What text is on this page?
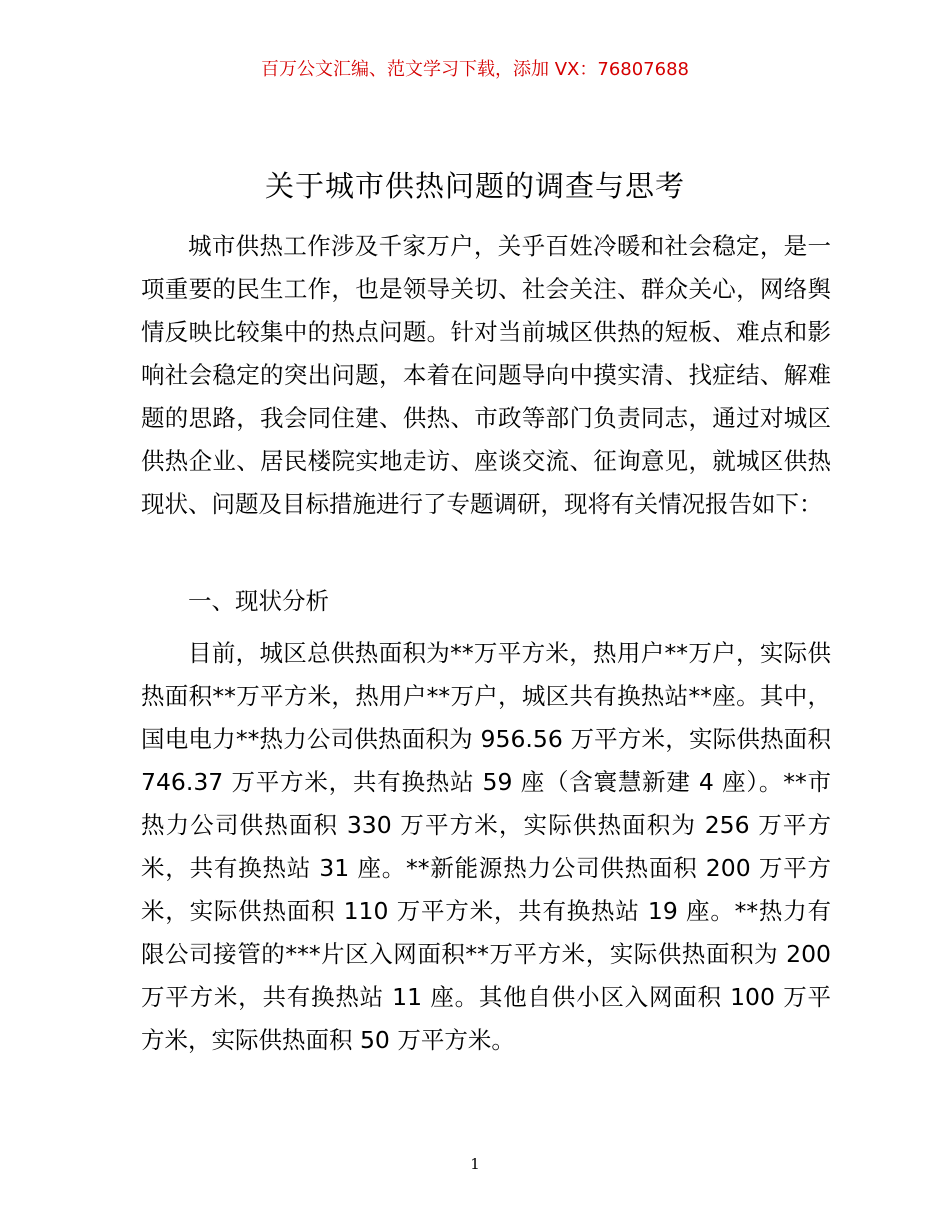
百万公文汇编、范文学习下载，添加 VX：76807688
关于城市供热问题的调查与思考

城市供热工作涉及千家万户，关乎百姓冷暖和社会稳定，是一项重要的民生工作，也是领导关切、社会关注、群众关心，网络舆情反映比较集中的热点问题。针对当前城区供热的短板、难点和影响社会稳定的突出问题，本着在问题导向中摸实清、找症结、解难题的思路，我会同住建、供热、市政等部门负责同志，通过对城区供热企业、居民楼院实地走访、座谈交流、征询意见，就城区供热现状、问题及目标措施进行了专题调研，现将有关情况报告如下：

一、现状分析

目前，城区总供热面积为**万平方米，热用户**万户，实际供热面积**万平方米，热用户**万户，城区共有换热站**座。其中，国电电力**热力公司供热面积为 956.56 万平方米，实际供热面积 746.37 万平方米，共有换热站 59 座（含寰慧新建 4 座）。**市热力公司供热面积 330 万平方米，实际供热面积为 256 万平方米，共有换热站 31 座。**新能源热力公司供热面积 200 万平方米，实际供热面积 110 万平方米，共有换热站 19 座。**热力有限公司接管的***片区入网面积**万平方米，实际供热面积为 200 万平方米，共有换热站 11 座。其他自供小区入网面积 100 万平方米，实际供热面积 50 万平方米。

1
